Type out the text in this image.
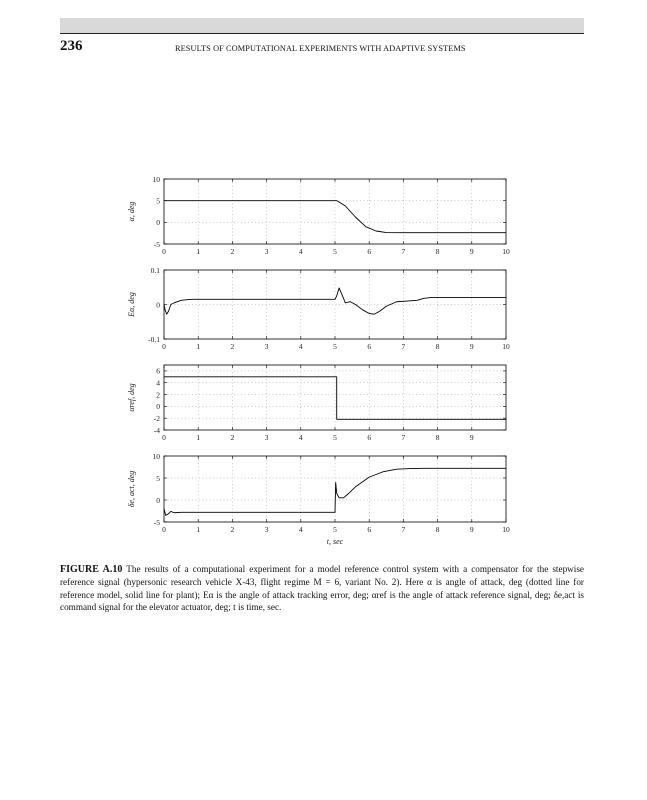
236	RESULTS OF COMPUTATIONAL EXPERIMENTS WITH ADAPTIVE SYSTEMS
0	1	2	3	4	5	6	7	8	9	10
-5
0
5
10
α, deg
0	1	2	3	4	5	6	7	8	9	10
-0.1
0
0.1
Eα, deg
0	1	2	3	4	5	6	7	8	9
-4
-2
0
2
4
6
αref, deg
0	1	2	3	4	5	6	7	8	9	10
-5
0
5
10
δe, act, deg
t, sec
FIGURE A.10 The results of a computational experiment for a model reference control system with a compensator for the stepwise reference signal (hypersonic research vehicle X-43, flight regime M = 6, variant No. 2). Here α is angle of attack, deg (dotted line for reference model, solid line for plant); Eα is the angle of attack tracking error, deg; αref is the angle of attack reference signal, deg; δe,act is command signal for the elevator actuator, deg; t is time, sec.
